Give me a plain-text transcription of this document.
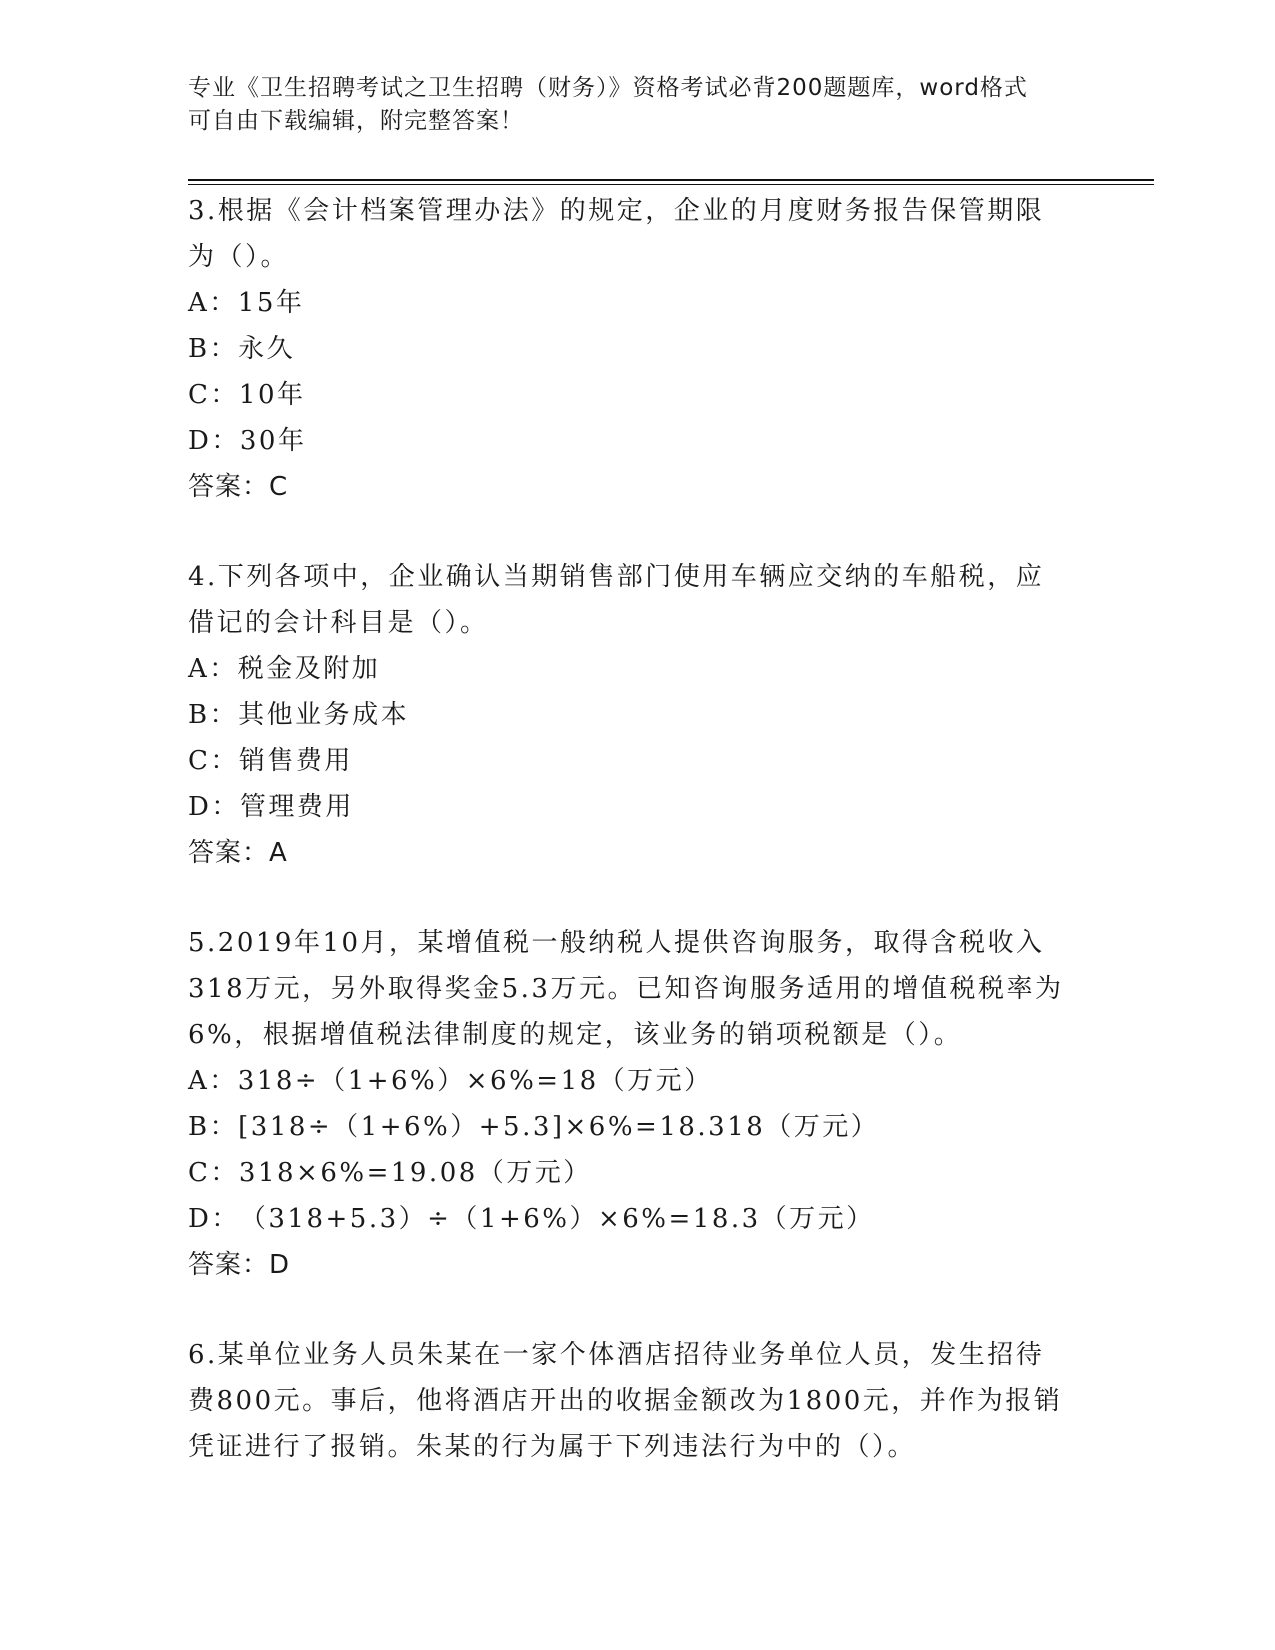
专业《卫生招聘考试之卫生招聘（财务）》资格考试必背200题题库，word格式
可自由下载编辑，附完整答案！
3.根据《会计档案管理办法》的规定，企业的月度财务报告保管期限
为（）。
A：15年
B：永久
C：10年
D：30年
答案：C
4.下列各项中，企业确认当期销售部门使用车辆应交纳的车船税，应
借记的会计科目是（）。
A：税金及附加
B：其他业务成本
C：销售费用
D：管理费用
答案：A
5.2019年10月，某增值税一般纳税人提供咨询服务，取得含税收入
318万元，另外取得奖金5.3万元。已知咨询服务适用的增值税税率为
6%，根据增值税法律制度的规定，该业务的销项税额是（）。
A：318÷（1+6%）×6%=18（万元）
B：[318÷（1+6%）+5.3]×6%=18.318（万元）
C：318×6%=19.08（万元）
D：（318+5.3）÷（1+6%）×6%=18.3（万元）
答案：D
6.某单位业务人员朱某在一家个体酒店招待业务单位人员，发生招待
费800元。事后，他将酒店开出的收据金额改为1800元，并作为报销
凭证进行了报销。朱某的行为属于下列违法行为中的（）。
